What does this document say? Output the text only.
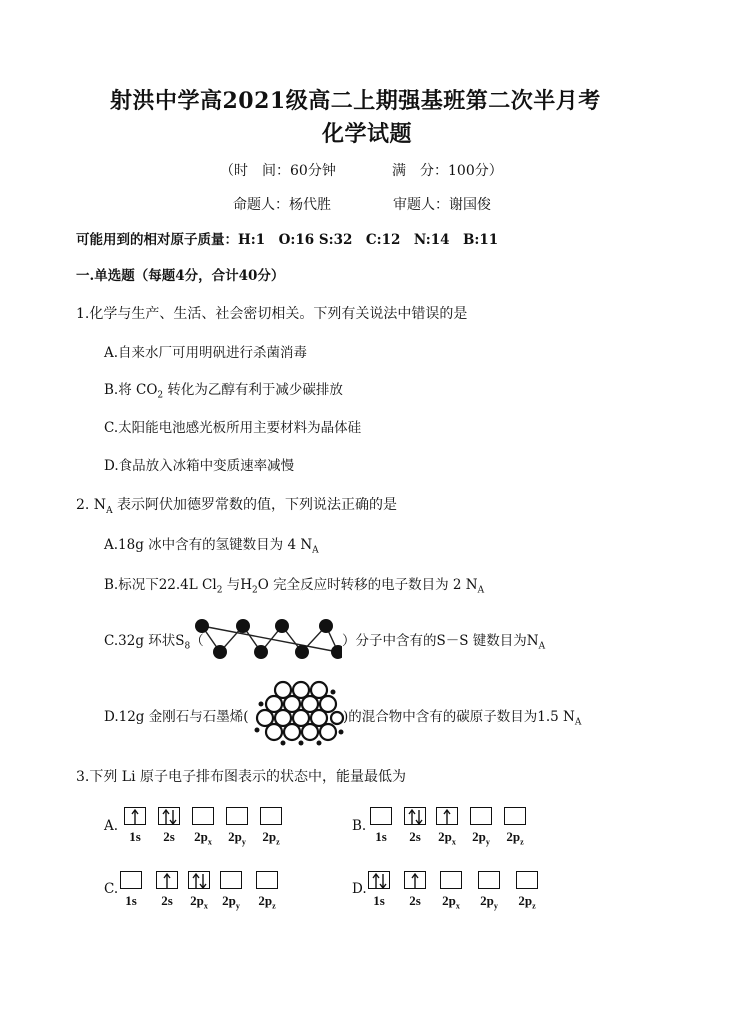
射洪中学高2021级高二上期强基班第二次半月考
化学试题
（时　间：60分钟	满　分：100分）
命题人：杨代胜	审题人：谢国俊
可能用到的相对原子质量：H:1　O:16 S:32　C:12　N:14　B:11
一.单选题（每题4分，合计40分）
1.化学与生产、生活、社会密切相关。下列有关说法中错误的是
A.自来水厂可用明矾进行杀菌消毒
B.将 $CO_2$ 转化为乙醇有利于减少碳排放
C.太阳能电池感光板所用主要材料为晶体硅
D.食品放入冰箱中变质速率减慢
2. $N_A$ 表示阿伏加德罗常数的值，下列说法正确的是
A.18g 冰中含有的氢键数目为 4 $N_A$
B.标况下22.4L $Cl_2$ 与$H_2O$ 完全反应时转移的电子数目为 2 $N_A$
C.32g 环状$S_8$（	）分子中含有的S－S 键数目为$N_A$
D.12g 金刚石与石墨烯(	)的混合物中含有的碳原子数目为1.5 $N_A$
3.下列 Li 原子电子排布图表示的状态中，能量最低为
A.
1s	2s	$2p_x$	$2p_y$	$2p_z$
B.
1s	2s	$2p_x$	$2p_y$	$2p_z$
C.
1s	2s	$2p_x$	$2p_y$	$2p_z$
D.
1s	2s	$2p_x$	$2p_y$	$2p_z$
